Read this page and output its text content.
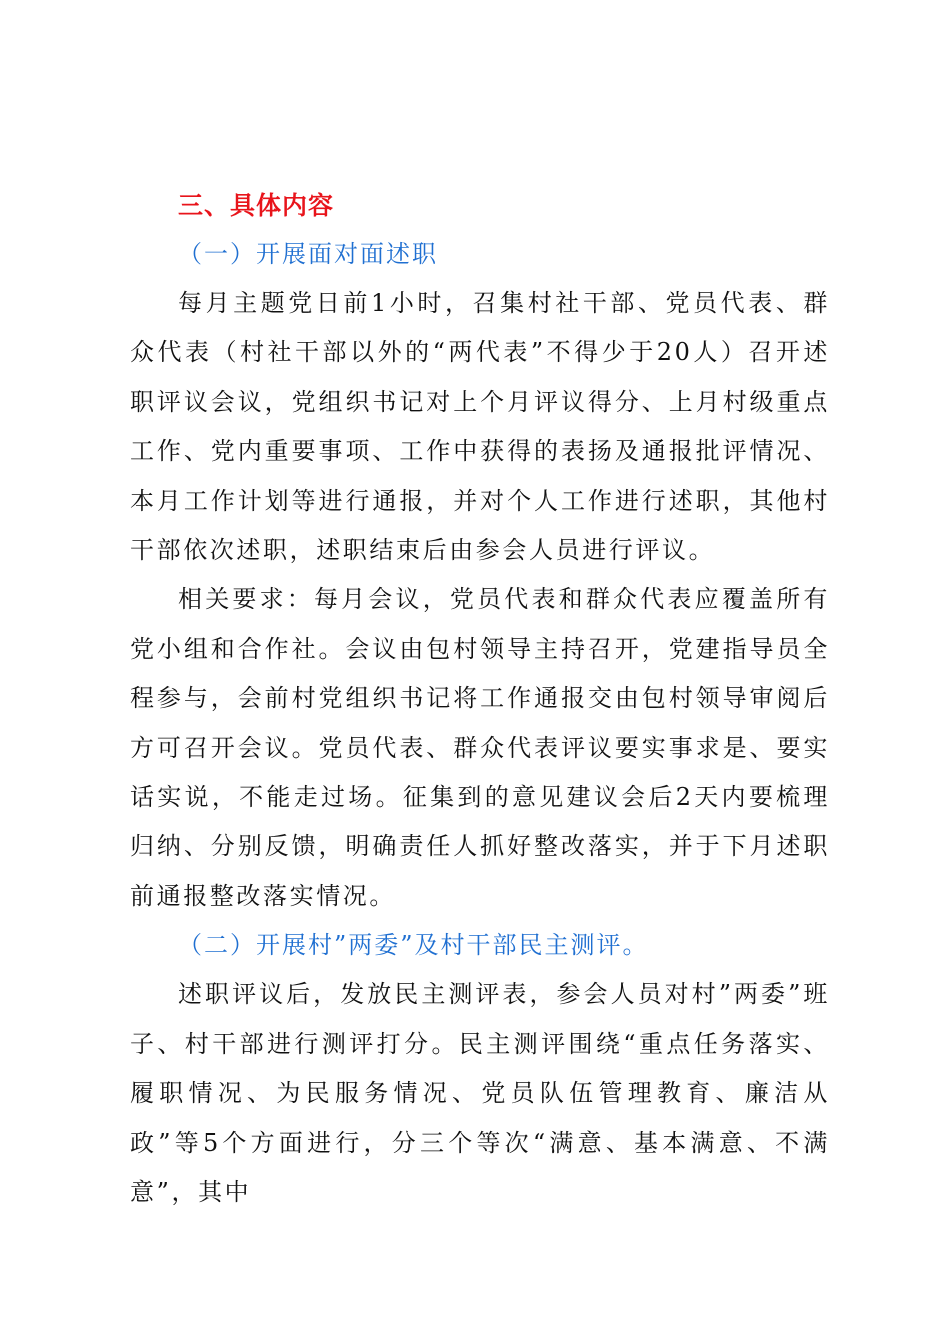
三、具体内容
（一）开展面对面述职

每月主题党日前1小时，召集村社干部、党员代表、群众代表（村社干部以外的“两代表”不得少于20人）召开述职评议会议，党组织书记对上个月评议得分、上月村级重点工作、党内重要事项、工作中获得的表扬及通报批评情况、本月工作计划等进行通报，并对个人工作进行述职，其他村干部依次述职，述职结束后由参会人员进行评议。

相关要求：每月会议，党员代表和群众代表应覆盖所有党小组和合作社。会议由包村领导主持召开，党建指导员全程参与，会前村党组织书记将工作通报交由包村领导审阅后方可召开会议。党员代表、群众代表评议要实事求是、要实话实说，不能走过场。征集到的意见建议会后2天内要梳理归纳、分别反馈，明确责任人抓好整改落实，并于下月述职前通报整改落实情况。

（二）开展村”两委”及村干部民主测评。

述职评议后，发放民主测评表，参会人员对村”两委”班子、村干部进行测评打分。民主测评围绕“重点任务落实、履职情况、为民服务情况、党员队伍管理教育、廉洁从政”等5个方面进行，分三个等次“满意、基本满意、不满意”，其中
